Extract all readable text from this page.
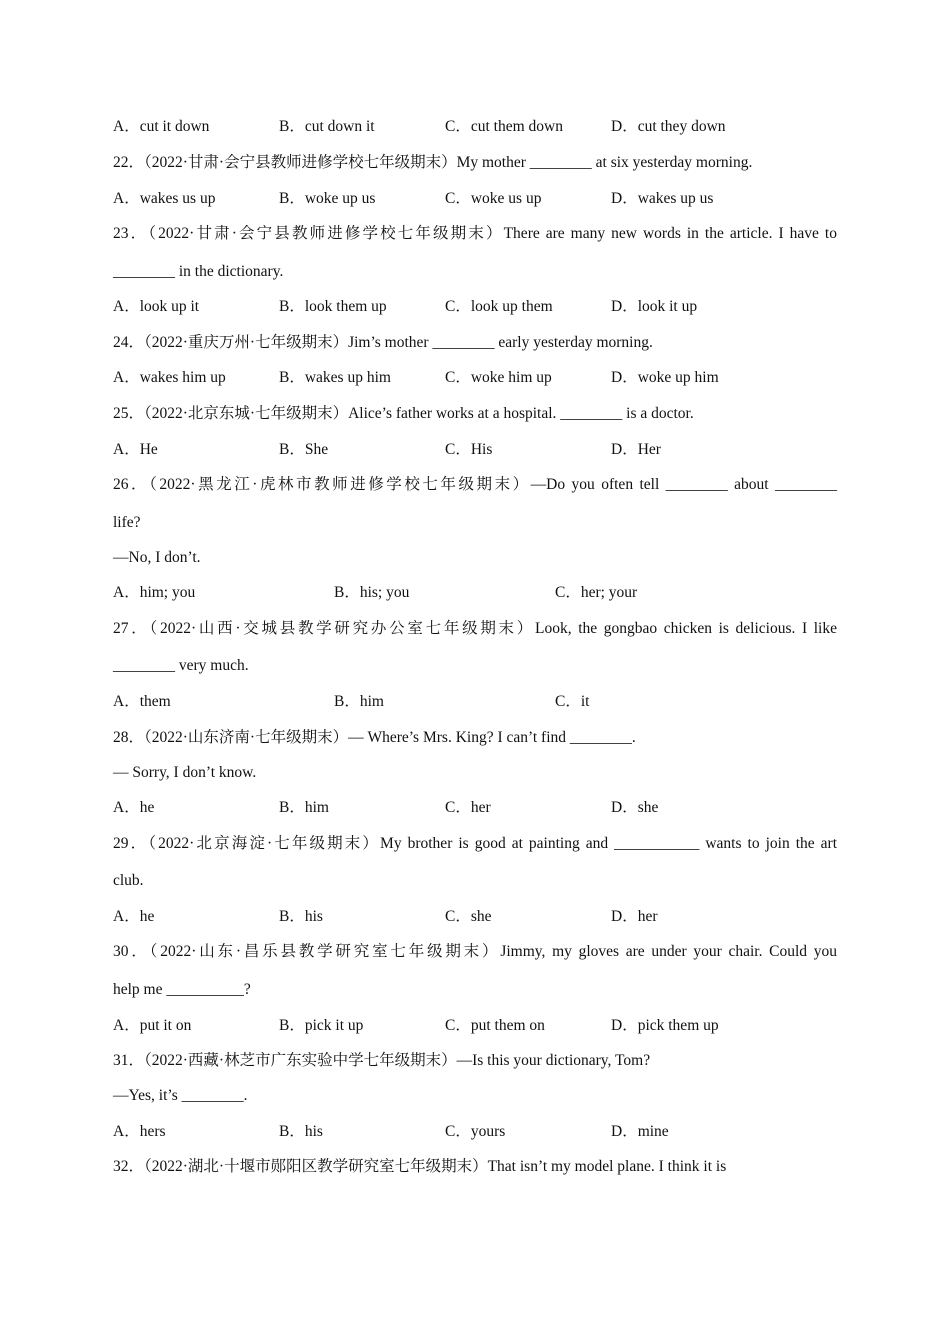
A．cut it down	B．cut down it	C．cut them down	D．cut they down
22．（2022·甘肃·会宁县教师进修学校七年级期末）My mother ________ at six yesterday morning.
A．wakes us up	B．woke up us	C．woke us up	D．wakes up us
23．（2022·甘肃·会宁县教师进修学校七年级期末）There are many new words in the article. I have to
________ in the dictionary.
A．look up it	B．look them up	C．look up them	D．look it up
24．（2022·重庆万州·七年级期末）Jim’s mother ________ early yesterday morning.
A．wakes him up	B．wakes up him	C．woke him up	D．woke up him
25．（2022·北京东城·七年级期末）Alice’s father works at a hospital. ________ is a doctor.
A．He	B．She	C．His	D．Her
26．（2022·黑龙江·虎林市教师进修学校七年级期末）—Do you often tell ________ about ________
life?
—No, I don’t.
A．him; you	B．his; you	C．her; your
27．（2022·山西·交城县教学研究办公室七年级期末）Look, the gongbao chicken is delicious. I like
________ very much.
A．them	B．him	C．it
28．（2022·山东济南·七年级期末）— Where’s Mrs. King? I can’t find ________.
— Sorry, I don’t know.
A．he	B．him	C．her	D．she
29．（2022·北京海淀·七年级期末）My brother is good at painting and ___________ wants to join the art
club.
A．he	B．his	C．she	D．her
30．（2022·山东·昌乐县教学研究室七年级期末）Jimmy, my gloves are under your chair. Could you
help me __________?
A．put it on	B．pick it up	C．put them on	D．pick them up
31．（2022·西藏·林芝市广东实验中学七年级期末）—Is this your dictionary, Tom?
—Yes, it’s ________.
A．hers	B．his	C．yours	D．mine
32．（2022·湖北·十堰市郧阳区教学研究室七年级期末）That isn’t my model plane. I think it is
